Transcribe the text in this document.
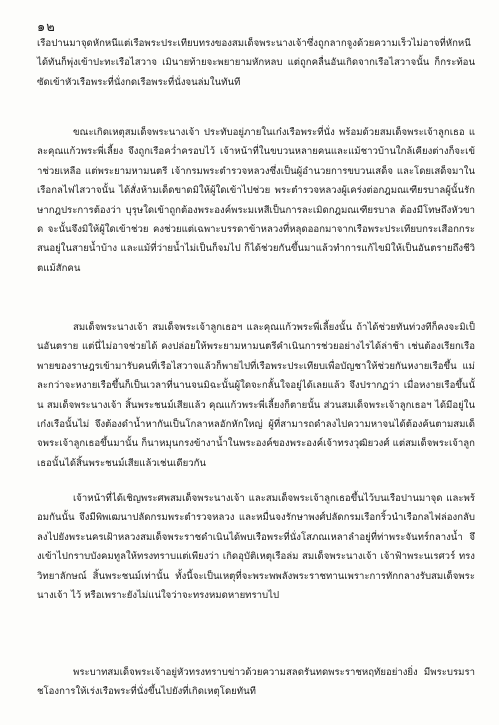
๑๒

เรือปานมาจุดหักหนีแต่เรือพระประเทียบทรงของสมเด็จพระนางเจ้าซึ่งถูกลากจูงด้วยความเร็วไม่อาจที่หักหนีได้ทันก็พุ่งเข้าปะทะเรือไสวาจ เมินายท้ายจะพยายามหักหลบ แต่ถูกคลื่นอันเกิดจากเรือไสวาจนั้น ก็กระท้อนซัดเข้าหัวเรือพระที่นั่งกดเรือพระที่นั่งจนล่มในทันที

ขณะเกิดเหตุสมเด็จพระนางเจ้า ประทับอยู่ภายในเก๋งเรือพระที่นั่ง พร้อมด้วยสมเด็จพระเจ้าลูกเธอ และคุณแก้วพระพี่เลี้ยง จึงถูกเรือคว่ำครอบไว้ เจ้าหน้าที่ในขบวนหลายคนและแม้ชาวบ้านใกล้เคียงต่างก็จะเข้าช่วยเหลือ แต่พระยามหามนตรี เจ้ากรมพระตำรวจหลวงซึ่งเป็นผู้อำนวยการขบวนเสด็จ และโดยเสด็จมาในเรือกลไฟไสวาจนั้น ได้สั่งห้ามเด็ดขาดมิให้ผู้ใดเข้าไปช่วย พระตำรวจหลวงผู้เคร่งต่อกฎมณเฑียรบาลผู้นั้นรักษากฎประการต้องว่า บุรุษใดเข้าถูกต้องพระองค์พระมเหสีเป็นการละเมิดกฎมณเฑียรบาล ต้องมีโทษถึงหัวขาด จะนั้นจึงมิให้ผู้ใดเข้าช่วย คงช่วยแต่เฉพาะบรรดาข้าหลวงที่หลุดออกมาจากเรือพระประเทียบกระเสือกกระสนอยู่ในสายน้ำบ้าง และแม้ที่ว่ายน้ำไม่เป็นก็จมไป ก็ได้ช่วยกันขึ้นมาแล้วทำการแก้ไขมิให้เป็นอันตรายถึงชีวิตแม้สักคน

สมเด็จพระนางเจ้า สมเด็จพระเจ้าลูกเธอฯ และคุณแก้วพระพี่เลี้ยงนั้น ถ้าได้ช่วยทันท่วงทีก็คงจะมิเป็นอันตราย แต่นี่ไม่อาจช่วยได้ คงปล่อยให้พระยามหามนตรีคำเนินการช่วยอย่างไรได้ล่าช้า เช่นต้องเรียกเรือพายของราษฎรเข้ามารับคนที่เรือไสวาจแล้วก็พายไปที่เรือพระประเทียบเพื่อบัญชาให้ช่วยกันหงายเรือขึ้น แม่ละกว่าจะหงายเรือขึ้นก็เป็นเวลาที่นานจนมิฉะนั้นผู้ใดจะกลั้นใจอยู่ได้เลยแล้ว จึงปรากฏว่า เมื่อหงายเรือขึ้นนั้น สมเด็จพระนางเจ้า สิ้นพระชนม์เสียแล้ว คุณแก้วพระพี่เลี้ยงก็ตายนั้น ส่วนสมเด็จพระเจ้าลูกเธอฯ ได้มีอยู่ในเก๋งเรือนั้นไม่ จึงต้องดำน้ำหากันเป็นโกลาหลอักหักใหญ่ ผู้ที่สามารถดำลงไปความหาจนได้ต้องค้นตามสมเด็จพระเจ้าลูกเธอขึ้นมานั้น ก็นาหมุนกรงข้างาน้ำในพระองค์ของพระองค์เจ้าทรงวุฒิยวงศ์ แต่สมเด็จพระเจ้าลูกเธอนั้นได้สิ้นพระชนม์เสียแล้วเช่นเดียวกัน

เจ้าหน้าที่ได้เชิญพระศพสมเด็จพระนางเจ้า และสมเด็จพระเจ้าลูกเธอขึ้นไว้บนเรือปานมาจุด และพร้อมกันนั้น จึงมีพิพเฒนาปลัดกรมพระตำรวจหลวง และหมื่นจงรักษาพงศ์ปลัดกรมเรือกริ้วนำเรือกลไฟล่องกลับลงไปยังพระนครเฝ้าหลวงสมเด็จพระราชดำเนินได้พบเรือพระที่นั่งโสภณเหลาลำอยู่ที่ท่าพระจันทร์กลางน้ำ จึงเข้าไปกราบบังคมทูลให้ทรงทราบแต่เพียงว่า เกิดอุบัติเหตุเรือล่ม สมเด็จพระนางเจ้า เจ้าฟ้าพระนเรศวร์ ทรงวิทยาลักษณ์ สิ้นพระชนม์เท่านั้น ทั้งนี้จะเป็นเหตุที่จะพระพพลังพระราชทานเพราะการทักกลางรับสมเด็จพระนางเจ้า ไว้ หรือเพราะยังไม่แน่ใจว่าจะทรงหมดหายทราบไป

พระบาทสมเด็จพระเจ้าอยู่หัวทรงทราบข่าวด้วยความสลดรันทดพระราชหฤทัยอย่างยิ่ง มีพระบรมราชโองการให้เร่งเรือพระที่นั่งขึ้นไปยังที่เกิดเหตุโดยทันที
